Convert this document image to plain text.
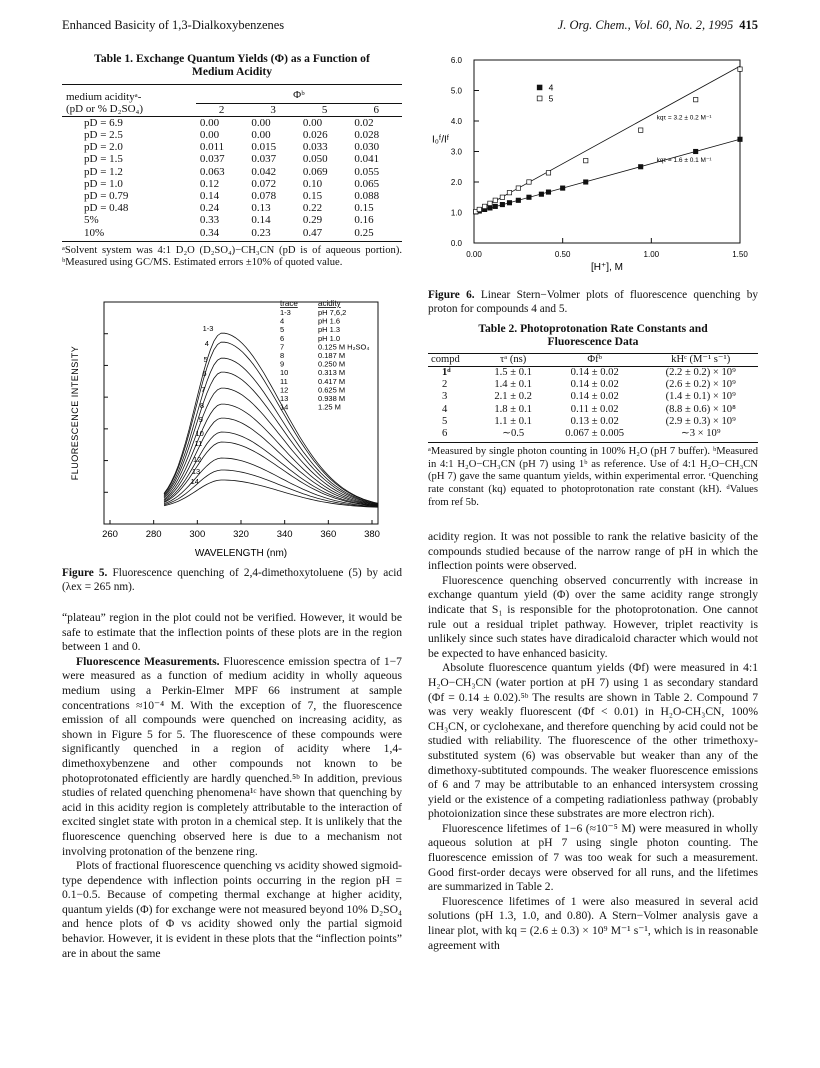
Enhanced Basicity of 1,3-Dialkoxybenzenes	J. Org. Chem., Vol. 60, No. 2, 1995 415
Table 1. Exchange Quantum Yields (Φ) as a Function of
Medium Acidity
medium acidityᵃ-	Φᵇ			
(pD or % D₂SO₄)	2	3	5	6
pD = 6.9	0.00	0.00	0.00	0.02
pD = 2.5	0.00	0.00	0.026	0.028
pD = 2.0	0.011	0.015	0.033	0.030
pD = 1.5	0.037	0.037	0.050	0.041
pD = 1.2	0.063	0.042	0.069	0.055
pD = 1.0	0.12	0.072	0.10	0.065
pD = 0.79	0.14	0.078	0.15	0.088
pD = 0.48	0.24	0.13	0.22	0.15
5%	0.33	0.14	0.29	0.16
10%	0.34	0.23	0.47	0.25
ᵃSolvent system was 4:1 D₂O (D₂SO₄)−CH₃CN (pD is of aqueous portion). ᵇMeasured using GC/MS. Estimated errors ±10% of quoted value.
FLUORESCENCE INTENSITY
260	280	300	320	340	360	380
WAVELENGTH (nm)
1-3
4
5
6
7
8
9
10
11
12
13
14
trace	acidity
1-3	pH 7,6,2
4	pH 1.6
5	pH 1.3
6	pH 1.0
7	0.125 M H₂SO₄
8	0.187 M
9	0.250 M
10	0.313 M
11	0.417 M
12	0.625 M
13	0.938 M
14	1.25 M
Figure 5. Fluorescence quenching of 2,4-dimethoxytoluene (5) by acid (λex = 265 nm).

“plateau” region in the plot could not be verified. However, it would be safe to estimate that the inflection points of these plots are in the region between 1 and 0.

Fluorescence Measurements. Fluorescence emission spectra of 1−7 were measured as a function of medium acidity in wholly aqueous medium using a Perkin-Elmer MPF 66 instrument at sample concentrations ≈10⁻⁴ M. With the exception of 7, the fluorescence emission of all compounds were quenched on increasing acidity, as shown in Figure 5 for 5. The fluorescence of these compounds were significantly quenched in a region of acidity where 1,4-dimethoxybenzene and other compounds not known to be photoprotonated efficiently are hardly quenched.⁵ᵇ In addition, previous studies of related quenching phenomena¹ᶜ have shown that quenching by acid in this acidity region is completely attributable to the interaction of excited singlet state with proton in a chemical step. It is unlikely that the fluorescence quenching observed here is due to a mechanism not involving protonation of the benzene ring.

Plots of fractional fluorescence quenching vs acidity showed sigmoid-type dependence with inflection points occurring in the region pH = 0.1−0.5. Because of competing thermal exchange at higher acidity, quantum yields (Φ) for exchange were not measured beyond 10% D₂SO₄ and hence plots of Φ vs acidity showed only the partial sigmoid behavior. However, it is evident in these plots that the “inflection points” are in about the same

0.0
1.0
2.0
3.0
4.0
5.0
6.0
0.00	0.50	1.00	1.50
[H⁺], M
I₀ᶠ/Iᶠ
kqτ = 1.6 ± 0.1 M⁻¹
kqτ = 3.2 ± 0.2 M⁻¹
4
5
Figure 6. Linear Stern−Volmer plots of fluorescence quenching by proton for compounds 4 and 5.
Table 2. Photoprotonation Rate Constants and
Fluorescence Data
compd	τᵃ (ns)	Φfᵇ	kHᶜ (M⁻¹ s⁻¹)
1ᵈ	1.5 ± 0.1	0.14 ± 0.02	(2.2 ± 0.2) × 10⁹
2	1.4 ± 0.1	0.14 ± 0.02	(2.6 ± 0.2) × 10⁹
3	2.1 ± 0.2	0.14 ± 0.02	(1.4 ± 0.1) × 10⁹
4	1.8 ± 0.1	0.11 ± 0.02	(8.8 ± 0.6) × 10⁸
5	1.1 ± 0.1	0.13 ± 0.02	(2.9 ± 0.3) × 10⁹
6	∼0.5	0.067 ± 0.005	∼3 × 10⁹
ᵃMeasured by single photon counting in 100% H₂O (pH 7 buffer). ᵇMeasured in 4:1 H₂O−CH₃CN (pH 7) using 1ᵇ as reference. Use of 4:1 H₂O−CH₃CN (pH 7) gave the same quantum yields, within experimental error. ᶜQuenching rate constant (kq) equated to photoprotonation rate constant (kH). ᵈValues from ref 5b.

acidity region. It was not possible to rank the relative basicity of the compounds studied because of the narrow range of pH in which the inflection points were observed.

Fluorescence quenching observed concurrently with increase in exchange quantum yield (Φ) over the same acidity range strongly indicate that S₁ is responsible for the photoprotonation. One cannot rule out a residual triplet pathway. However, triplet reactivity is unlikely since such states have diradicaloid character which would not be expected to have enhanced basicity.

Absolute fluorescence quantum yields (Φf) were measured in 4:1 H₂O−CH₃CN (water portion at pH 7) using 1 as secondary standard (Φf = 0.14 ± 0.02).⁵ᵇ The results are shown in Table 2. Compound 7 was very weakly fluorescent (Φf < 0.01) in H₂O-CH₃CN, 100% CH₃CN, or cyclohexane, and therefore quenching by acid could not be studied with reliability. The fluorescence of the other trimethoxy-substituted system (6) was observable but weaker than any of the dimethoxy-subtituted compounds. The weaker fluorescence emissions of 6 and 7 may be attributable to an enhanced intersystem crossing yield or the existence of a competing radiationless pathway (probably photoionization since these substrates are more electron rich).

Fluorescence lifetimes of 1−6 (≈10⁻⁵ M) were measured in wholly aqueous solution at pH 7 using single photon counting. The fluorescence emission of 7 was too weak for such a measurement. Good first-order decays were observed for all runs, and the lifetimes are summarized in Table 2.

Fluorescence lifetimes of 1 were also measured in several acid solutions (pH 1.3, 1.0, and 0.80). A Stern−Volmer analysis gave a linear plot, with kq = (2.6 ± 0.3) × 10⁹ M⁻¹ s⁻¹, which is in reasonable agreement with
